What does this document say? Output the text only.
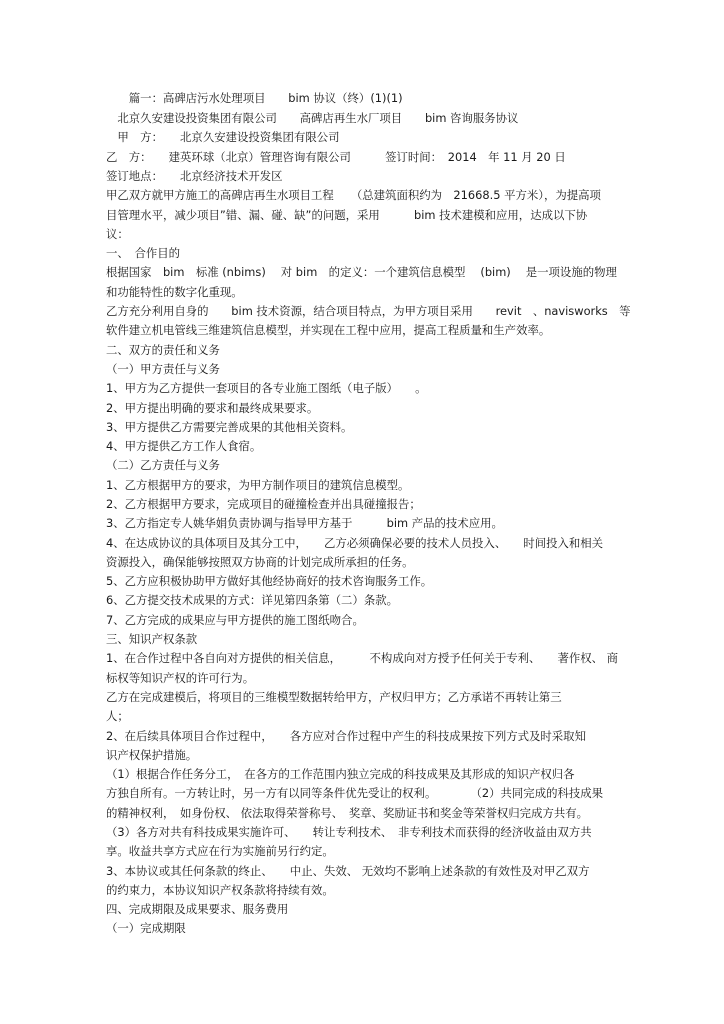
　　篇一：高碑店污水处理项目　　bim 协议（终）(1)(1)
　北京久安建设投资集团有限公司　　高碑店再生水厂项目　　bim 咨询服务协议
　甲　方：　　北京久安建设投资集团有限公司
乙　方：　　建英环球（北京）管理咨询有限公司　　　签订时间：　2014　年 11 月 20 日
签订地点：　　北京经济技术开发区
甲乙双方就甲方施工的高碑店再生水项目工程　　（总建筑面积约为　21668.5 平方米），为提高项
目管理水平，减少项目”错、漏、碰、缺”的问题，采用　　　bim 技术建模和应用，达成以下协
议：
一、　合作目的
根据国家　bim　标准 (nbims)　 对 bim　的定义：一个建筑信息模型　 (bim)　 是一项设施的物理
和功能特性的数字化重现。
乙方充分利用自身的　　bim 技术资源，结合项目特点，为甲方项目采用　　revit　、navisworks　等
软件建立机电管线三维建筑信息模型，并实现在工程中应用，提高工程质量和生产效率。
二、双方的责任和义务
（一）甲方责任与义务
1、甲方为乙方提供一套项目的各专业施工图纸（电子版）　　。
2、甲方提出明确的要求和最终成果要求。
3、甲方提供乙方需要完善成果的其他相关资料。
4、甲方提供乙方工作人食宿。
（二）乙方责任与义务
1、乙方根据甲方的要求，为甲方制作项目的建筑信息模型。
2、乙方根据甲方要求，完成项目的碰撞检查并出具碰撞报告；
3、乙方指定专人姚华娟负责协调与指导甲方基于　　　bim 产品的技术应用。
4、在达成协议的具体项目及其分工中，　　乙方必须确保必要的技术人员投入、　　时间投入和相关
资源投入，确保能够按照双方协商的计划完成所承担的任务。
5、乙方应积极协助甲方做好其他经协商好的技术咨询服务工作。
6、乙方提交技术成果的方式：详见第四条第（二）条款。
7、乙方完成的成果应与甲方提供的施工图纸吻合。
三、知识产权条款
1、在合作过程中各自向对方提供的相关信息，　　　不构成向对方授予任何关于专利、　　著作权、 商
标权等知识产权的许可行为。
乙方在完成建模后，将项目的三维模型数据转给甲方，产权归甲方；乙方承诺不再转让第三
人；
2、在后续具体项目合作过程中，　　各方应对合作过程中产生的科技成果按下列方式及时采取知
识产权保护措施。
（1）根据合作任务分工，　在各方的工作范围内独立完成的科技成果及其形成的知识产权归各
方独自所有。一方转让时，另一方有以同等条件优先受让的权利。　　　　（2）共同完成的科技成果
的精神权利，　如身份权、 依法取得荣誉称号、　奖章、奖励证书和奖金等荣誉权归完成方共有。
（3）各方对共有科技成果实施许可、　　转让专利技术、　非专利技术而获得的经济收益由双方共
享。收益共享方式应在行为实施前另行约定。
3、本协议或其任何条款的终止、　　中止、失效、 无效均不影响上述条款的有效性及对甲乙双方
的约束力，本协议知识产权条款将持续有效。
四、完成期限及成果要求、服务费用
（一）完成期限
